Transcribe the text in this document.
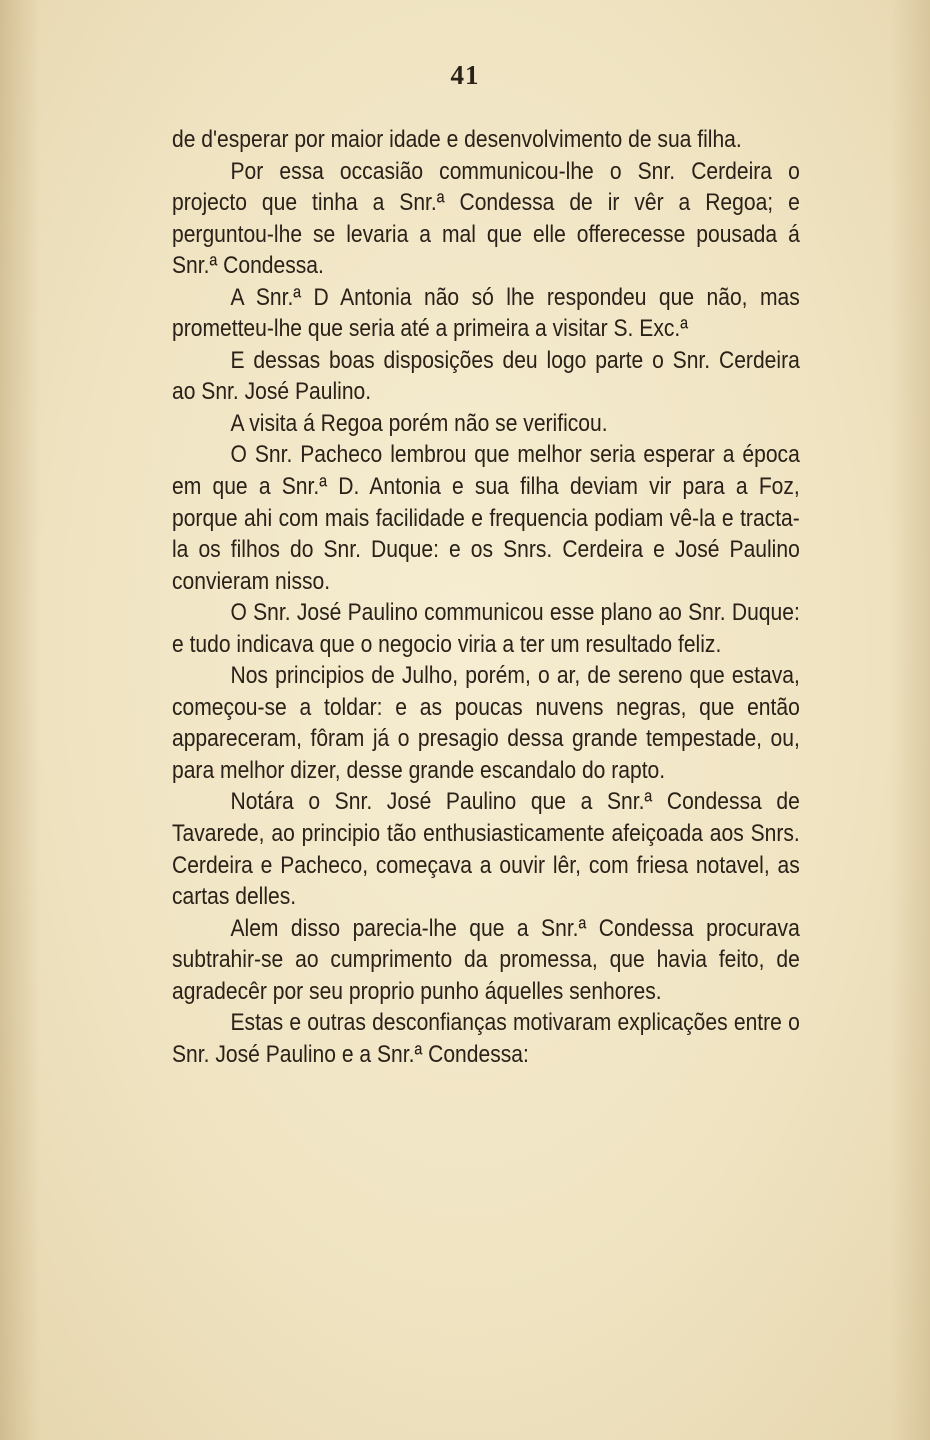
41

de d'esperar por maior idade e desenvolvimento de sua filha.

Por essa occasião communicou-lhe o Snr. Cerdeira o projecto que tinha a Snr.ª Condessa de ir vêr a Regoa; e perguntou-lhe se levaria a mal que elle offerecesse pousada á Snr.ª Condessa.

A Snr.ª D Antonia não só lhe respondeu que não, mas prometteu-lhe que seria até a primeira a visitar S. Exc.ª

E dessas boas disposições deu logo parte o Snr. Cerdeira ao Snr. José Paulino.

A visita á Regoa porém não se verificou.

O Snr. Pacheco lembrou que melhor seria esperar a época em que a Snr.ª D. Antonia e sua filha deviam vir para a Foz, porque ahi com mais facilidade e frequencia podiam vê-la e tracta-la os filhos do Snr. Duque: e os Snrs. Cerdeira e José Paulino convieram nisso.

O Snr. José Paulino communicou esse plano ao Snr. Duque: e tudo indicava que o negocio viria a ter um resultado feliz.

Nos principios de Julho, porém, o ar, de sereno que estava, começou-se a toldar: e as poucas nuvens negras, que então appareceram, fôram já o presagio dessa grande tempestade, ou, para melhor dizer, desse grande escandalo do rapto.

Notára o Snr. José Paulino que a Snr.ª Condessa de Tavarede, ao principio tão enthusiasticamente afeiçoada aos Snrs. Cerdeira e Pacheco, começava a ouvir lêr, com friesa notavel, as cartas delles.

Alem disso parecia-lhe que a Snr.ª Condessa procurava subtrahir-se ao cumprimento da promessa, que havia feito, de agradecêr por seu proprio punho áquelles senhores.

Estas e outras desconfianças motivaram explicações entre o Snr. José Paulino e a Snr.ª Condessa:
